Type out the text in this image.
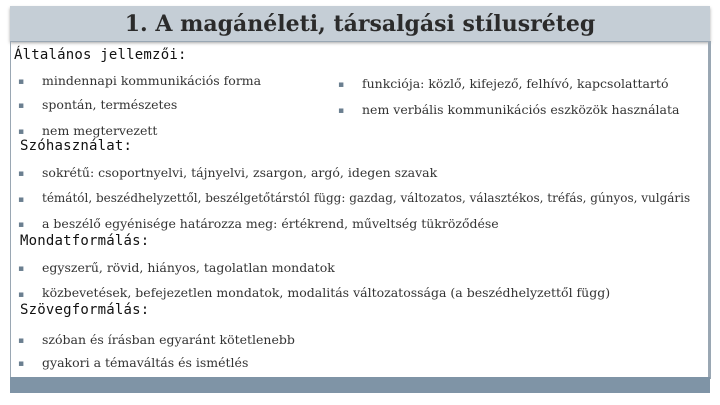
1. A magánéleti, társalgási stílusréteg
Általános jellemzői:
▪ mindennapi kommunikációs forma
▪ spontán, természetes
▪ nem megtervezett
▪ funkciója: közlő, kifejező, felhívó, kapcsolattartó
▪ nem verbális kommunikációs eszközök használata
Szóhasználat:
▪ sokrétű: csoportnyelvi, tájnyelvi, zsargon, argó, idegen szavak
▪ témától, beszédhelyzettől, beszélgetőtárstól függ: gazdag, változatos, választékos, tréfás, gúnyos, vulgáris
▪ a beszélő egyénisége határozza meg: értékrend, műveltség tükröződése
Mondatformálás:
▪ egyszerű, rövid, hiányos, tagolatlan mondatok
▪ közbevetések, befejezetlen mondatok, modalitás változatossága (a beszédhelyzettől függ)
Szövegformálás:
▪ szóban és írásban egyaránt kötetlenebb
▪ gyakori a témaváltás és ismétlés
